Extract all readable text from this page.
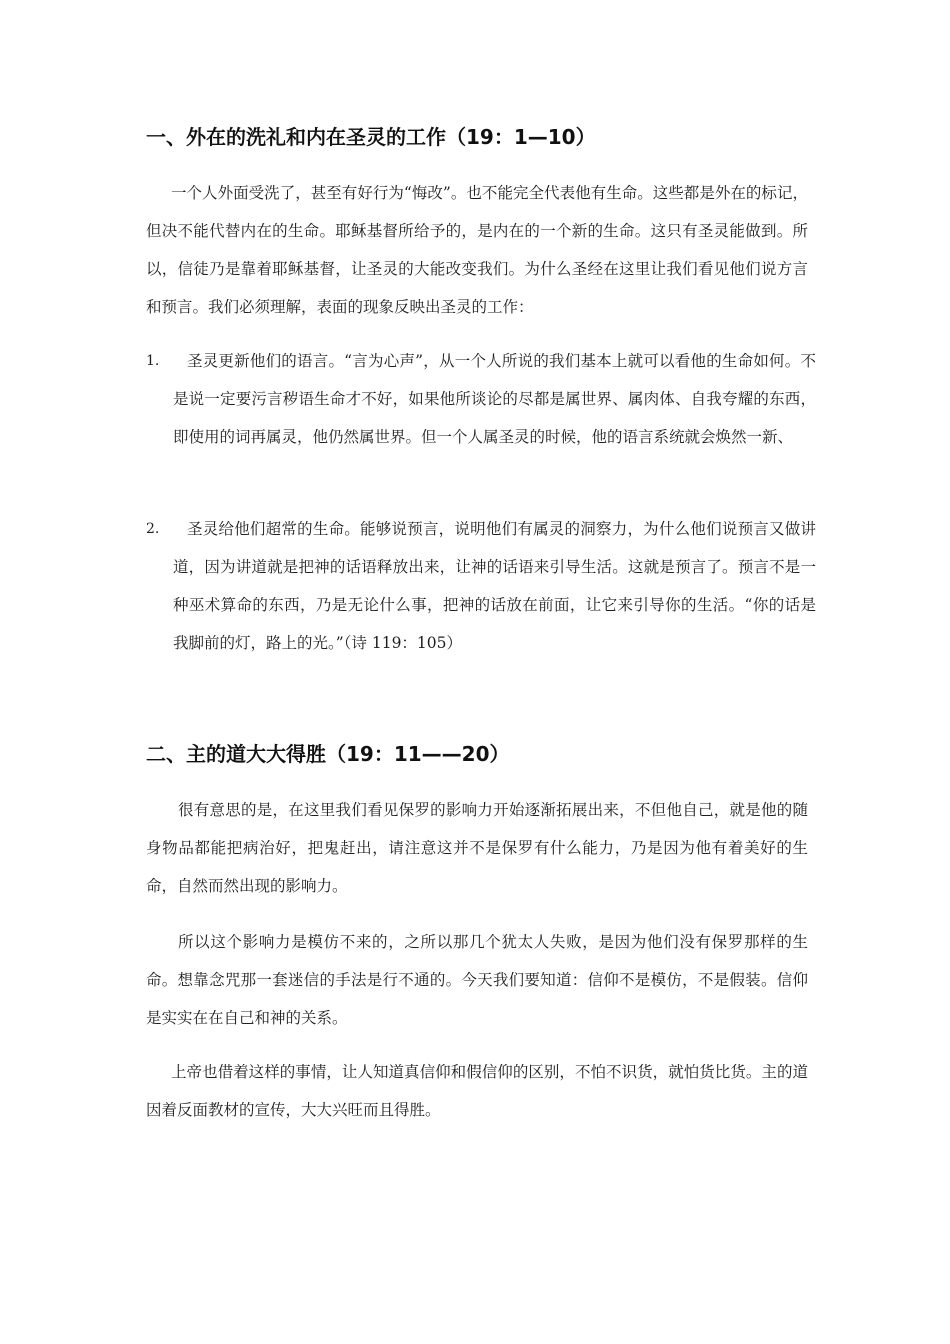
一、外在的洗礼和内在圣灵的工作（19：1—10）
一个人外面受洗了，甚至有好行为“悔改”。也不能完全代表他有生命。这些都是外在的标记，但决不能代替内在的生命。耶稣基督所给予的，是内在的一个新的生命。这只有圣灵能做到。所以，信徒乃是靠着耶稣基督，让圣灵的大能改变我们。为什么圣经在这里让我们看见他们说方言和预言。我们必须理解，表面的现象反映出圣灵的工作：
1.	圣灵更新他们的语言。“言为心声”，从一个人所说的我们基本上就可以看他的生命如何。不是说一定要污言秽语生命才不好，如果他所谈论的尽都是属世界、属肉体、自我夸耀的东西，即使用的词再属灵，他仍然属世界。但一个人属圣灵的时候，他的语言系统就会焕然一新、
2.	圣灵给他们超常的生命。能够说预言，说明他们有属灵的洞察力，为什么他们说预言又做讲道，因为讲道就是把神的话语释放出来，让神的话语来引导生活。这就是预言了。预言不是一种巫术算命的东西，乃是无论什么事，把神的话放在前面，让它来引导你的生活。“你的话是我脚前的灯，路上的光。”（诗 119：105）
二、主的道大大得胜（19：11——20）
很有意思的是，在这里我们看见保罗的影响力开始逐渐拓展出来，不但他自己，就是他的随身物品都能把病治好，把鬼赶出，请注意这并不是保罗有什么能力，乃是因为他有着美好的生命，自然而然出现的影响力。
所以这个影响力是模仿不来的，之所以那几个犹太人失败，是因为他们没有保罗那样的生命。想靠念咒那一套迷信的手法是行不通的。今天我们要知道：信仰不是模仿，不是假装。信仰是实实在在自己和神的关系。
上帝也借着这样的事情，让人知道真信仰和假信仰的区别，不怕不识货，就怕货比货。主的道因着反面教材的宣传，大大兴旺而且得胜。
